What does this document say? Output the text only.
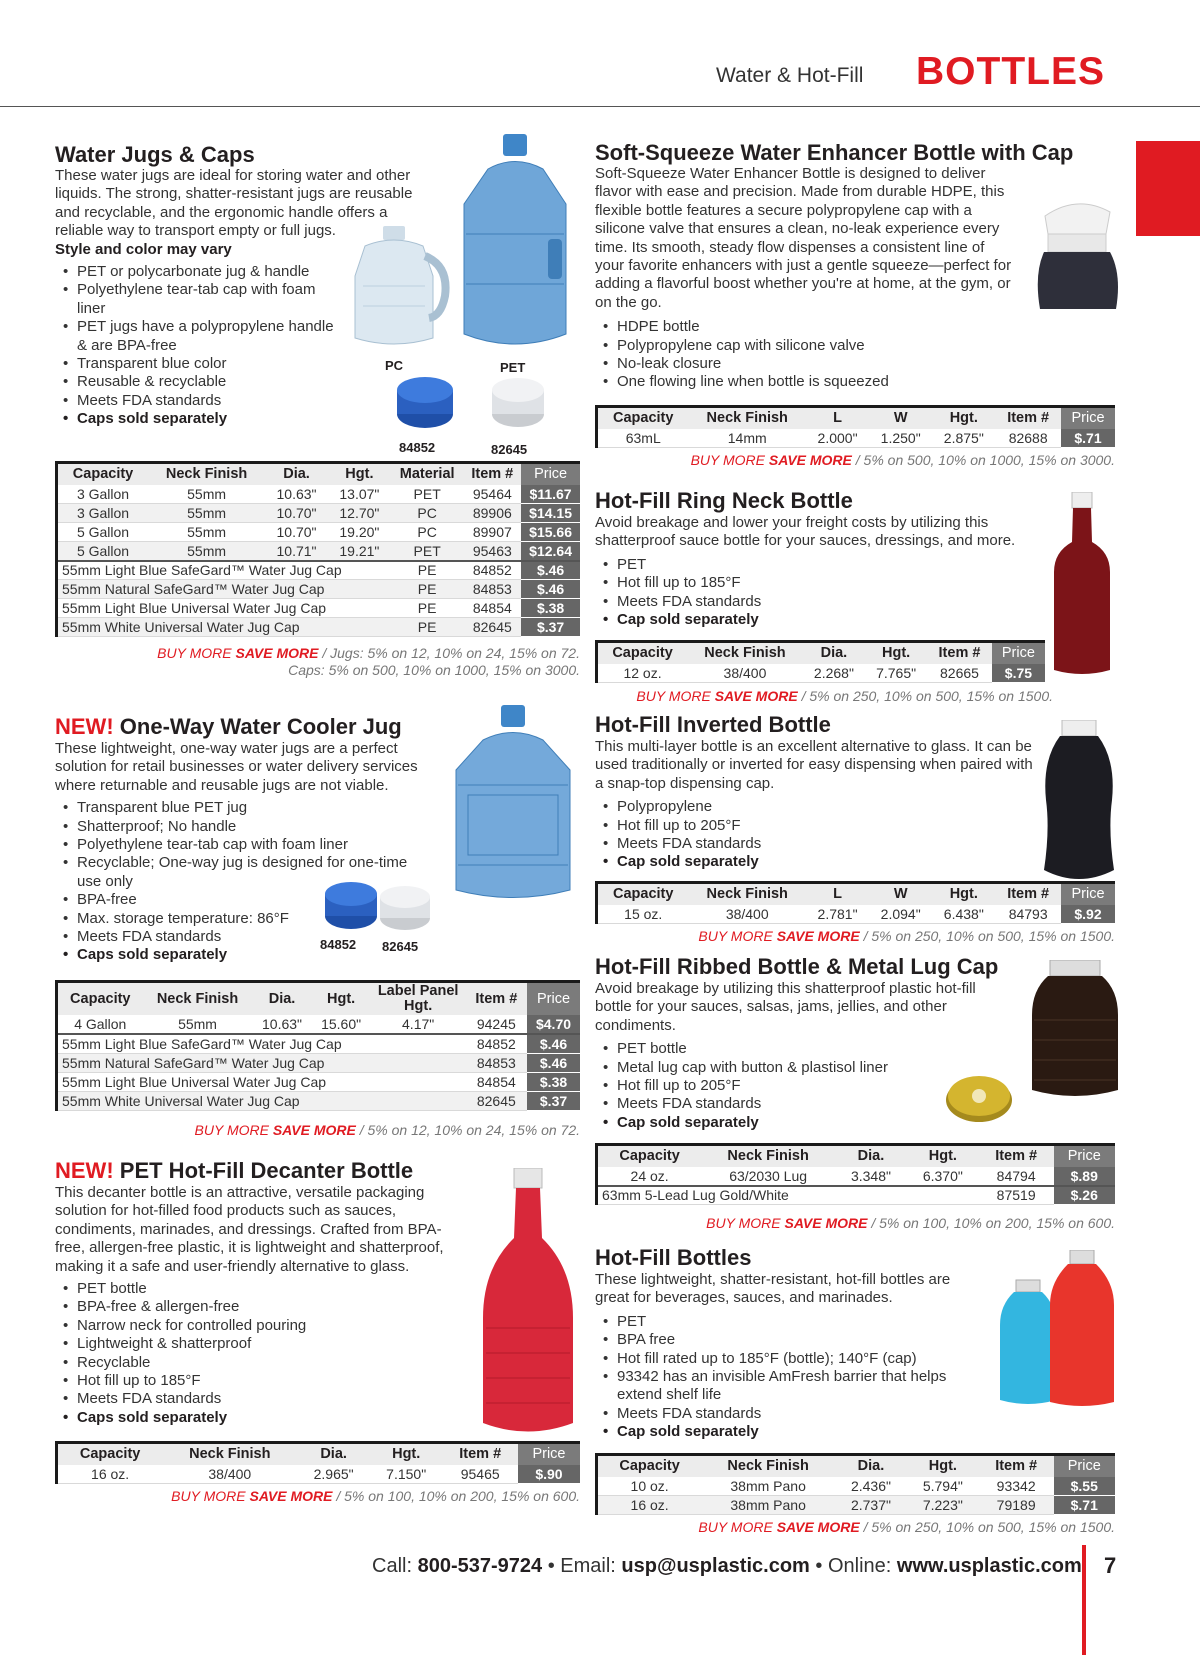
Water & Hot-Fill BOTTLES
Water Jugs & Caps

These water jugs are ideal for storing water and other liquids. The strong, shatter-resistant jugs are reusable and recyclable, and the ergonomic handle offers a reliable way to transport empty or full jugs.

Style and color may vary

• PET or polycarbonate jug & handle
• Polyethylene tear-tab cap with foam liner
• PET jugs have a polypropylene handle & are BPA-free
• Transparent blue color
• Reusable & recyclable
• Meets FDA standards
• Caps sold separately
PC	PET
84852	82645
Capacity	Neck Finish	Dia.	Hgt.	Material	Item #	Price
3 Gallon	55mm	10.63"	13.07"	PET	95464	$11.67
3 Gallon	55mm	10.70"	12.70"	PC	89906	$14.15
5 Gallon	55mm	10.70"	19.20"	PC	89907	$15.66
5 Gallon	55mm	10.71"	19.21"	PET	95463	$12.64
55mm Light Blue SafeGard™ Water Jug Cap				PE	84852	$.46
55mm Natural SafeGard™ Water Jug Cap				PE	84853	$.46
55mm Light Blue Universal Water Jug Cap				PE	84854	$.38
55mm White Universal Water Jug Cap				PE	82645	$.37
BUY MORE SAVE MORE / Jugs: 5% on 12, 10% on 24, 15% on 72.
Caps: 5% on 500, 10% on 1000, 15% on 3000.
NEW! One-Way Water Cooler Jug

These lightweight, one-way water jugs are a perfect solution for retail businesses or water delivery services where returnable and reusable jugs are not viable.

• Transparent blue PET jug
• Shatterproof; No handle
• Polyethylene tear-tab cap with foam liner
• Recyclable; One-way jug is designed for one-time use only
• BPA-free
• Max. storage temperature: 86°F
• Meets FDA standards
• Caps sold separately
84852 82645
Capacity	Neck Finish	Dia.	Hgt.	Label Panel Hgt.	Item #	Price
4 Gallon	55mm	10.63"	15.60"	4.17"	94245	$4.70
55mm Light Blue SafeGard™ Water Jug Cap					84852	$.46
55mm Natural SafeGard™ Water Jug Cap					84853	$.46
55mm Light Blue Universal Water Jug Cap					84854	$.38
55mm White Universal Water Jug Cap					82645	$.37
BUY MORE SAVE MORE / 5% on 12, 10% on 24, 15% on 72.
NEW! PET Hot-Fill Decanter Bottle

This decanter bottle is an attractive, versatile packaging solution for hot-filled food products such as sauces, condiments, marinades, and dressings. Crafted from BPA-free, allergen-free plastic, it is lightweight and shatterproof, making it a safe and user-friendly alternative to glass.

• PET bottle
• BPA-free & allergen-free
• Narrow neck for controlled pouring
• Lightweight & shatterproof
• Recyclable
• Hot fill up to 185°F
• Meets FDA standards
• Caps sold separately
Capacity	Neck Finish	Dia.	Hgt.	Item #	Price
16 oz.	38/400	2.965"	7.150"	95465	$.90
BUY MORE SAVE MORE / 5% on 100, 10% on 200, 15% on 600.
Soft-Squeeze Water Enhancer Bottle with Cap

Soft-Squeeze Water Enhancer Bottle is designed to deliver flavor with ease and precision. Made from durable HDPE, this flexible bottle features a secure polypropylene cap with a silicone valve that ensures a clean, no-leak experience every time. Its smooth, steady flow dispenses a consistent line of your favorite enhancers with just a gentle squeeze—perfect for adding a flavorful boost whether you're at home, at the gym, or on the go.

• HDPE bottle
• Polypropylene cap with silicone valve
• No-leak closure
• One flowing line when bottle is squeezed
Capacity	Neck Finish	L	W	Hgt.	Item #	Price
63mL	14mm	2.000"	1.250"	2.875"	82688	$.71
BUY MORE SAVE MORE / 5% on 500, 10% on 1000, 15% on 3000.
Hot-Fill Ring Neck Bottle

Avoid breakage and lower your freight costs by utilizing this shatterproof sauce bottle for your sauces, dressings, and more.

• PET
• Hot fill up to 185°F
• Meets FDA standards
• Cap sold separately
Capacity	Neck Finish	Dia.	Hgt.	Item #	Price
12 oz.	38/400	2.268"	7.765"	82665	$.75
BUY MORE SAVE MORE / 5% on 250, 10% on 500, 15% on 1500.
Hot-Fill Inverted Bottle

This multi-layer bottle is an excellent alternative to glass. It can be used traditionally or inverted for easy dispensing when paired with a snap-top dispensing cap.

• Polypropylene
• Hot fill up to 205°F
• Meets FDA standards
• Cap sold separately
Capacity	Neck Finish	L	W	Hgt.	Item #	Price
15 oz.	38/400	2.781"	2.094"	6.438"	84793	$.92
BUY MORE SAVE MORE / 5% on 250, 10% on 500, 15% on 1500.
Hot-Fill Ribbed Bottle & Metal Lug Cap

Avoid breakage by utilizing this shatterproof plastic hot-fill bottle for your sauces, salsas, jams, jellies, and other condiments.

• PET bottle
• Metal lug cap with button & plastisol liner
• Hot fill up to 205°F
• Meets FDA standards
• Cap sold separately
Capacity	Neck Finish	Dia.	Hgt.	Item #	Price
24 oz.	63/2030 Lug	3.348"	6.370"	84794	$.89
63mm 5-Lead Lug Gold/White				87519	$.26
BUY MORE SAVE MORE / 5% on 100, 10% on 200, 15% on 600.
Hot-Fill Bottles

These lightweight, shatter-resistant, hot-fill bottles are great for beverages, sauces, and marinades.

• PET
• BPA free
• Hot fill rated up to 185°F (bottle); 140°F (cap)
• 93342 has an invisible AmFresh barrier that helps extend shelf life
• Meets FDA standards
• Cap sold separately
Capacity	Neck Finish	Dia.	Hgt.	Item #	Price
10 oz.	38mm Pano	2.436"	5.794"	93342	$.55
16 oz.	38mm Pano	2.737"	7.223"	79189	$.71
BUY MORE SAVE MORE / 5% on 250, 10% on 500, 15% on 1500.
Call: 800-537-9724 • Email: usp@usplastic.com • Online: www.usplastic.com 7
